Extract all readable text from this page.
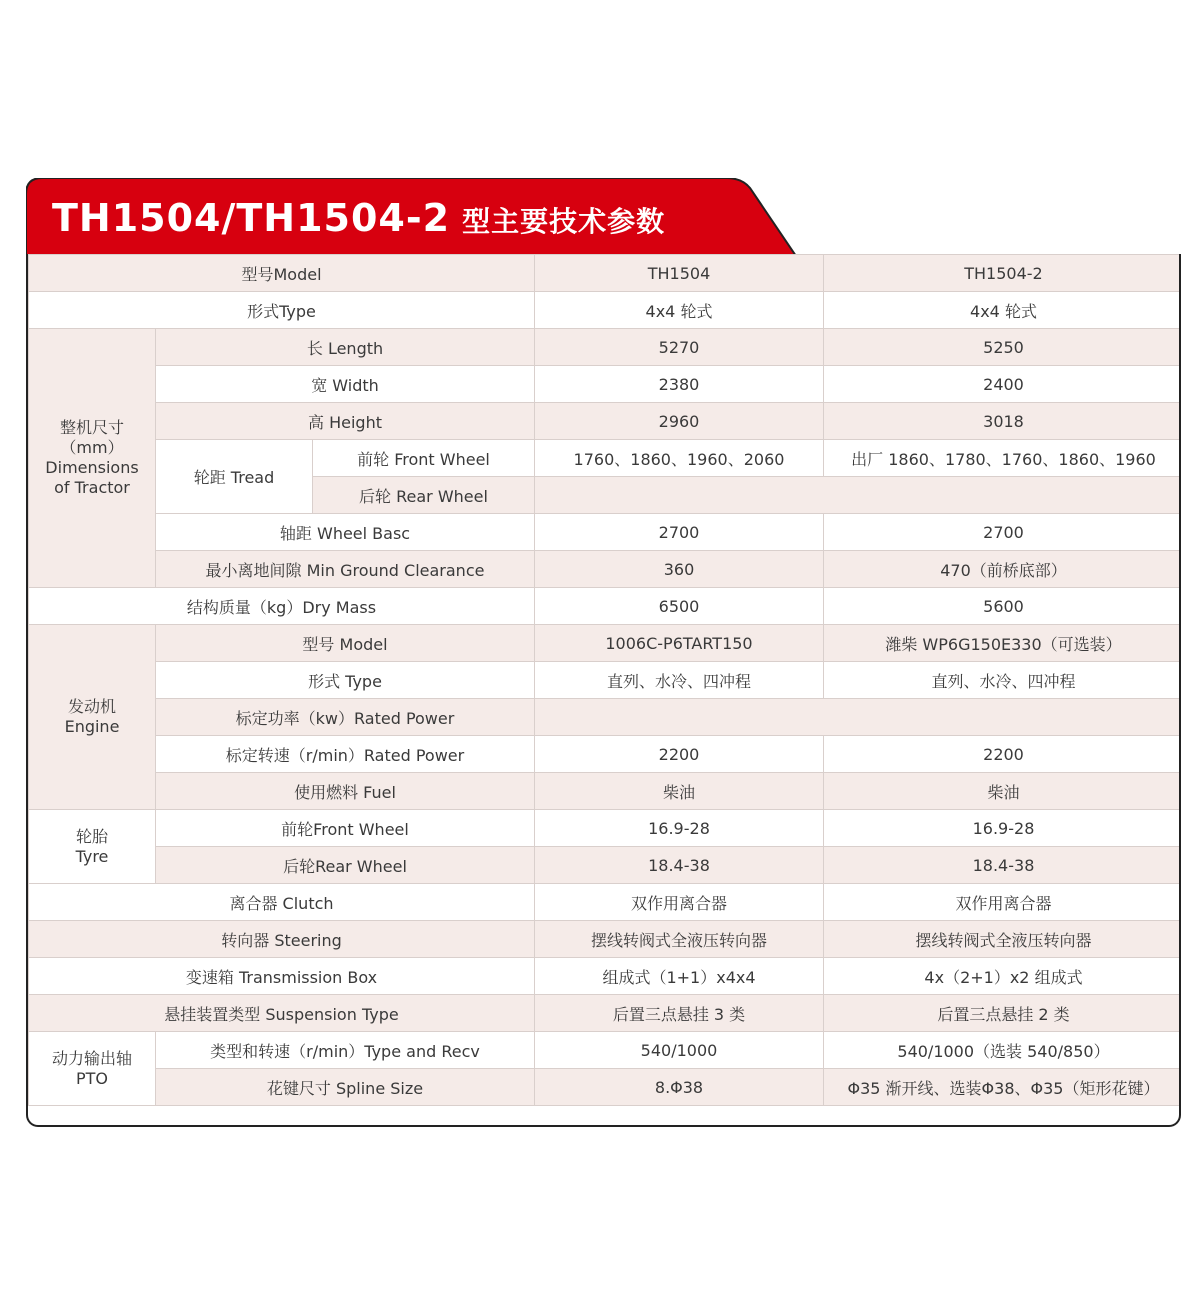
TH1504/TH1504-2 型主要技术参数
型号Model			TH1504	TH1504-2
形式Type			4x4 轮式	4x4 轮式

整机尺寸
（mm）
Dimensions
of Tractor	长 Length		5270	5250
	宽 Width		2380	2400
	高 Height		2960	3018
	轮距 Tread	前轮 Front Wheel	1760、1860、1960、2060	出厂 1860、1780、1760、1860、1960
		后轮 Rear Wheel		
	轴距 Wheel Basc		2700	2700
	最小离地间隙 Min Ground Clearance		360	470（前桥底部）
结构质量（kg）Dry Mass			6500	5600

发动机
Engine	型号 Model		1006C-P6TART150	潍柴 WP6G150E330（可选装）
	形式 Type		直列、水冷、四冲程	直列、水冷、四冲程
	标定功率（kw）Rated Power			
	标定转速（r/min）Rated Power		2200	2200
	使用燃料 Fuel		柴油	柴油

轮胎
Tyre	前轮Front Wheel		16.9-28	16.9-28
	后轮Rear Wheel		18.4-38	18.4-38
离合器 Clutch			双作用离合器	双作用离合器
转向器 Steering			摆线转阀式全液压转向器	摆线转阀式全液压转向器
变速箱 Transmission Box			组成式（1+1）x4x4	4x（2+1）x2 组成式
悬挂装置类型 Suspension Type			后置三点悬挂 3 类	后置三点悬挂 2 类

动力输出轴
PTO	类型和转速（r/min）Type and Recv		540/1000	540/1000（选装 540/850）
	花键尺寸 Spline Size		8.Φ38	Φ35 渐开线、选装Φ38、Φ35（矩形花键）
